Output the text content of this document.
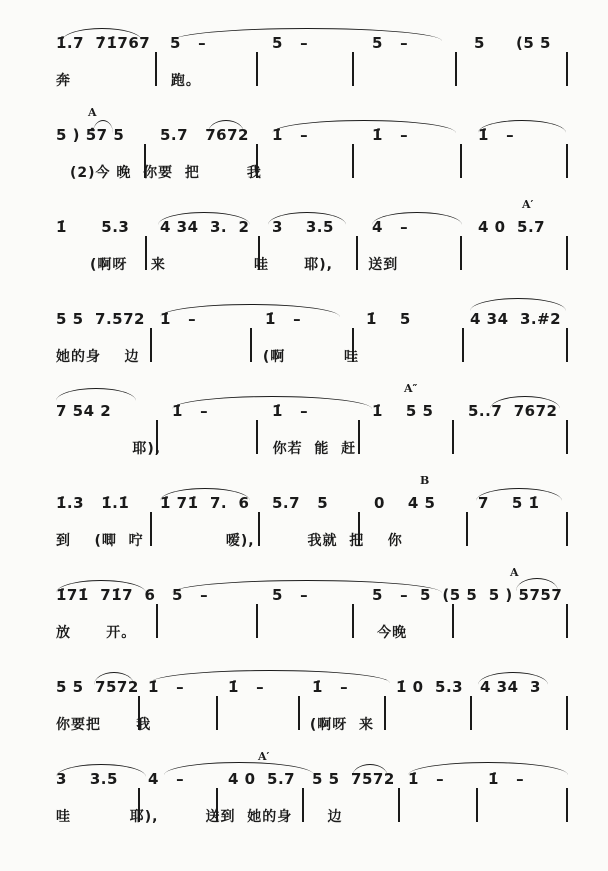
1̇.7  7̇1̇767 5   –	5   –	5   –	5 (5 5
奔                 跑。
A
5 ) 5̂7 5 5.7   7672 1̇   –	1̇   –	1̇   –
(2)今 晚  你要  把        我
A′
1̇      5.3 4 34  3.  2 3    3.5	4   –	4 0  5.7
(啊呀    来               哇      耶),      送到
5 5  7.572 1̇   –	1̇   –	1̇    5	4 34  3.#2
她的身    边                     (啊          哇
A″
7 54 2	1̇   –	1̇   –	1̇    5 5 5..7  7672
耶),                   你若  能  赶
B
1̇.3   1̇.1̇ 1̇ 71̇  7.  6 5.7   5	0    4 5	7    5 1̇
到    (唧  咛              嗳),         我就  把    你
A
1̇71̇  71̇7  6 5   –	5   –	5   – 5  (5 5  5 ) 5757
放      开。                                         今晚
5 5  7572 1̇   –	1̇   –	1̇   –	1̇ 0  5.3 4 34  3
你要把      我                           (啊呀  来
A′
3    3.5 4   –	4 0  5.7 5 5  7572 1̇   –	1̇   –
哇          耶),        送到  她的身      边
